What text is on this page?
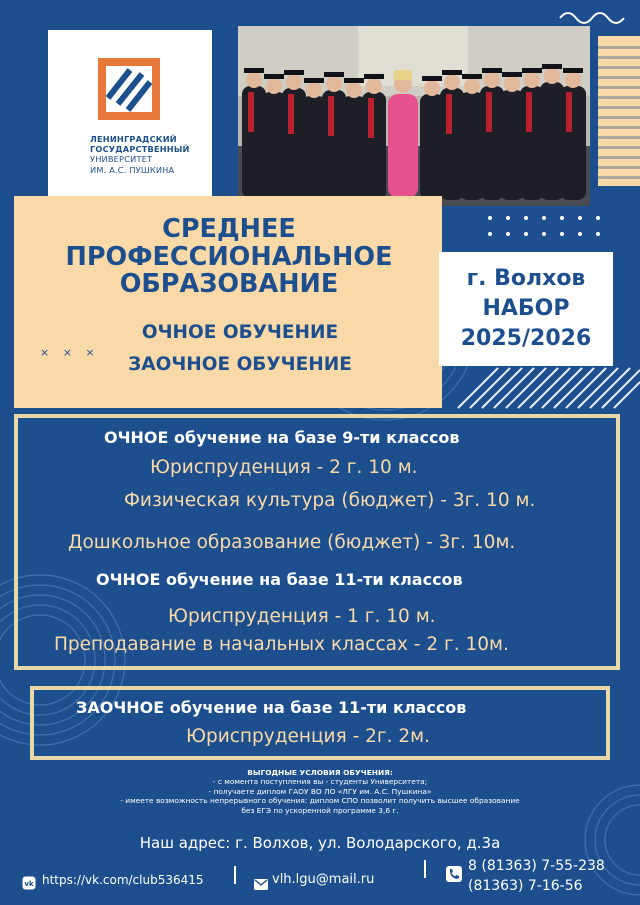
ЛЕНИНГРАДСКИЙ
ГОСУДАРСТВЕННЫЙ
УНИВЕРСИТЕТ
ИМ. А.С. ПУШКИНА
СРЕДНЕЕ
ПРОФЕССИОНАЛЬНОЕ
ОБРАЗОВАНИЕ
ОЧНОЕ ОБУЧЕНИЕ
ЗАОЧНОЕ ОБУЧЕНИЕ
× × ×
г. Волхов
НАБОР
2025/2026
ОЧНОЕ обучение на базе 9-ти классов
Юриспруденция - 2 г. 10 м.
Физическая культура (бюджет) - 3г. 10 м.
Дошкольное образование (бюджет) - 3г. 10м.
ОЧНОЕ обучение на базе 11-ти классов
Юриспруденция - 1 г. 10 м.
Преподавание в начальных классах - 2 г. 10м.
ЗАОЧНОЕ обучение на базе 11-ти классов
Юриспруденция - 2г. 2м.
ВЫГОДНЫЕ УСЛОВИЯ ОБУЧЕНИЯ:
- с момента поступления вы - студенты Университета;
- получаете диплом ГАОУ ВО ЛО «ЛГУ им. А.С. Пушкина»
- имеете возможность непрерывного обучения: диплом СПО позволит получить высшее образование
без ЕГЭ по ускоренной программе 3,6 г.
Наш адрес: г. Волхов, ул. Володарского, д.3а
vk https://vk.com/club536415	vlh.lgu@mail.ru
8 (81363) 7-55-238
(81363) 7-16-56
